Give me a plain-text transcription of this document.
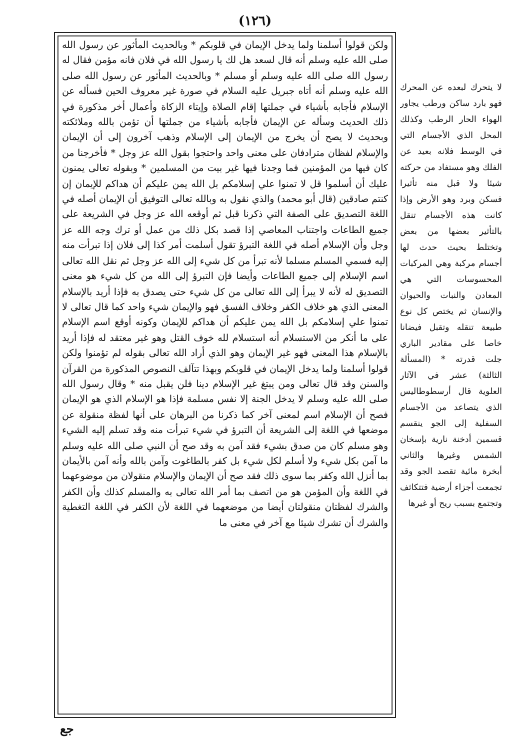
(١٢٦)

لا يتحرك لبعده عن المحرك فهو بارد ساكن ورطب يجاور الهواء الحار الرطب وكذلك المحل الذي الأجسام التي في الوسط فلانه بعيد عن الفلك وهو مستفاد من حركته شيئا ولا قبل منه تأثيرا فسكن وبرد وهو الأرض وإذا كانت هذه الأجسام تنقل بالتأثير بعضها من بعض وتختلط بحيث حدث لها أجسام مركبة وهي المركبات المحسوسات التي هي المعادن والنبات والحيوان والإنسان ثم يختص كل نوع طبيعة تنقله وتقبل فيضانا خاصا على مقادير الباري جلت قدرته * (المسألة الثالثة) عشر في الآثار العلوية قال أرسطوطاليس الذي يتصاعد من الأجسام السفلية إلى الجو ينقسم قسمين أدخنة نارية بإسخان الشمس وغيرها والثاني أبخرة مائية تقصد الجو وقد تجمعت أجزاء أرضية فتتكاثف وتجتمع بسبب ريح أو غيرها

ولكن قولوا أسلمنا ولما يدخل الإيمان في قلوبكم * وبالحديث المأثور عن رسول الله صلى الله عليه وسلم أنه قال لسعد هل لك يا رسول الله في فلان فانه مؤمن فقال له رسول الله صلى الله عليه وسلم أو مسلم * وبالحديث المأثور عن رسول الله صلى الله عليه وسلم أنه أتاه جبريل عليه السلام في صورة غير معروف الحين فسأله عن الإسلام فأجابه بأشياء في جملتها إقام الصلاة وإيتاء الزكاة وأعمال أخر مذكورة في ذلك الحديث وسأله عن الإيمان فأجابه بأشياء من جملتها أن تؤمن بالله وملائكته وبحديث لا يصح أن يخرج من الإيمان إلى الإسلام وذهب آخرون إلى أن الإيمان والإسلام لفظان مترادفان على معنى واحد واحتجوا بقول الله عز وجل * فأخرجنا من كان فيها من المؤمنين فما وجدنا فيها غير بيت من المسلمين * وبقوله تعالى يمنون عليك أن أسلموا قل لا تمنوا علي إسلامكم بل الله يمن عليكم أن هداكم للإيمان إن كنتم صادقين (قال أبو محمد) والذي نقول به وبالله تعالى التوفيق أن الإيمان أصله في اللغة التصديق على الصفة التي ذكرنا قبل ثم أوقعه الله عز وجل في الشريعة على جميع الطاعات واجتناب المعاصي إذا قصد بكل ذلك من عمل أو ترك وجه الله عز وجل وأن الإسلام أصله في اللغة التبرؤ تقول أسلمت أمر كذا إلى فلان إذا تبرأت منه إليه فسمي المسلم مسلما لأنه تبرأ من كل شيء إلى الله عز وجل ثم نقل الله تعالى اسم الإسلام إلى جميع الطاعات وأيضا فإن التبرؤ إلى الله من كل شيء هو معنى التصديق له لأنه لا يبرأ إلى الله تعالى من كل شيء حتى يصدق به فإذا أريد بالإسلام المعنى الذي هو خلاف الكفر وخلاف الفسق فهو والإيمان شيء واحد كما قال تعالى لا تمنوا علي إسلامكم بل الله يمن عليكم أن هداكم للإيمان وكونه أوقع اسم الإسلام على ما أنكر من الاستسلام أنه استسلام لله خوف القتل وهو غير معتقد له فإذا أريد بالإسلام هذا المعنى فهو غير الإيمان وهو الذي أراد الله تعالى بقوله لم تؤمنوا ولكن قولوا أسلمنا ولما يدخل الإيمان في قلوبكم وبهذا تتآلف النصوص المذكورة من القرآن والسنن وقد قال تعالى ومن يبتغ غير الإسلام دينا فلن يقبل منه * وقال رسول الله صلى الله عليه وسلم لا يدخل الجنة إلا نفس مسلمة فإذا هو الإسلام الذي هو الإيمان فصح أن الإسلام اسم لمعنى آخر كما ذكرنا من البرهان على أنها لفظة منقولة عن موضعها في اللغة إلى الشريعة أن التبرؤ في شيء تبرأت منه وقد تسلم إليه الشيء وهو مسلم كان من صدق بشيء فقد آمن به وقد صح أن النبي صلى الله عليه وسلم ما آمن بكل شيء ولا أسلم لكل شيء بل كفر بالطاغوت وآمن بالله وأنه آمن بالأيمان بما أنزل الله وكفر بما سوى ذلك فقد صح أن الإيمان والإسلام منقولان من موضوعهما في اللغة وأن المؤمن هو من اتصف بما أمر الله تعالى به والمسلم كذلك وأن الكفر والشرك لفظتان منقولتان أيضا من موضعهما في اللغة لأن الكفر في اللغة التغطية والشرك أن تشرك شيئا مع آخر في معنى ما

جع
